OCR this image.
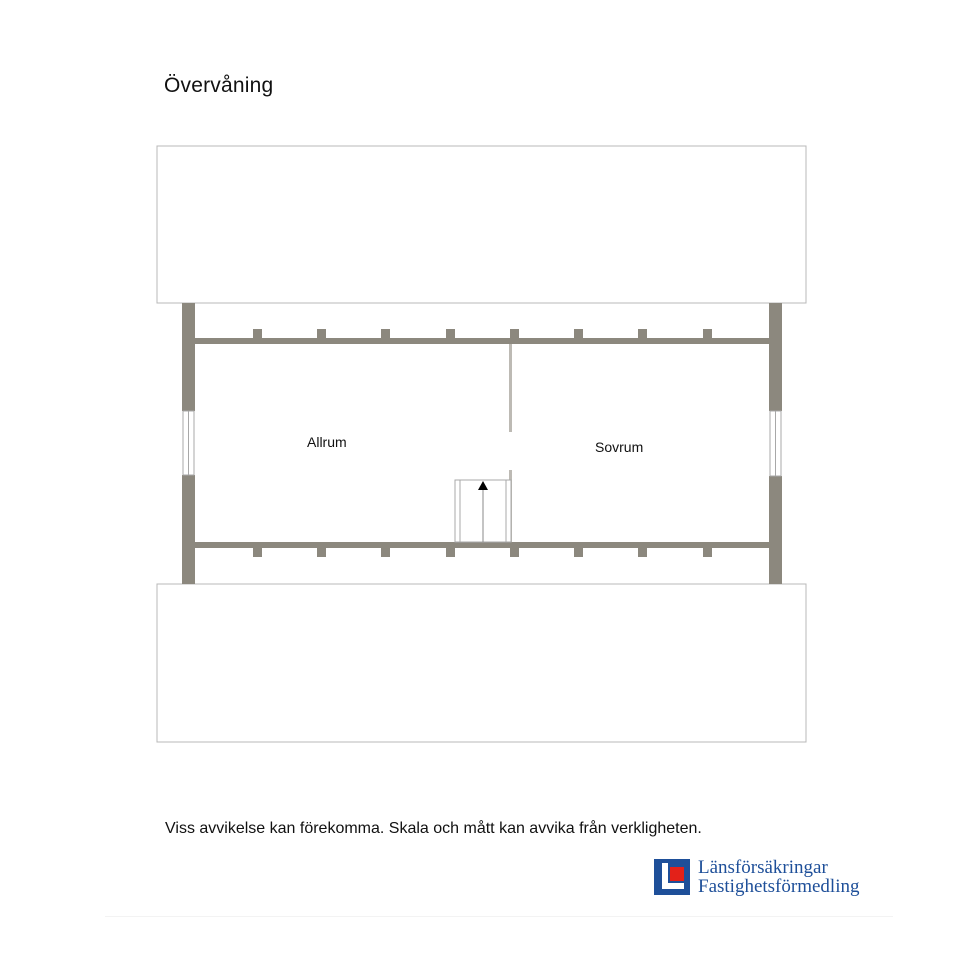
Övervåning
Allrum	Sovrum
Viss avvikelse kan förekomma. Skala och mått kan avvika från verkligheten.
Länsförsäkringar
Fastighetsförmedling
